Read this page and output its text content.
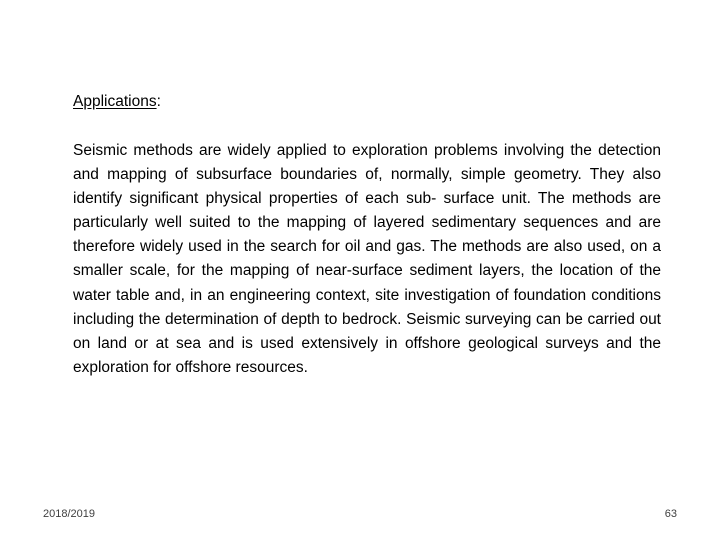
Applications:

Seismic methods are widely applied to exploration problems involving the detection and mapping of subsurface boundaries of, normally, simple geometry. They also identify significant physical properties of each sub- surface unit. The methods are particularly well suited to the mapping of layered sedimentary sequences and are therefore widely used in the search for oil and gas. The methods are also used, on a smaller scale, for the mapping of near-surface sediment layers, the location of the water table and, in an engineering context, site investigation of foundation conditions including the determination of depth to bedrock. Seismic surveying can be carried out on land or at sea and is used extensively in offshore geological surveys and the exploration for offshore resources.

2018/2019	63
